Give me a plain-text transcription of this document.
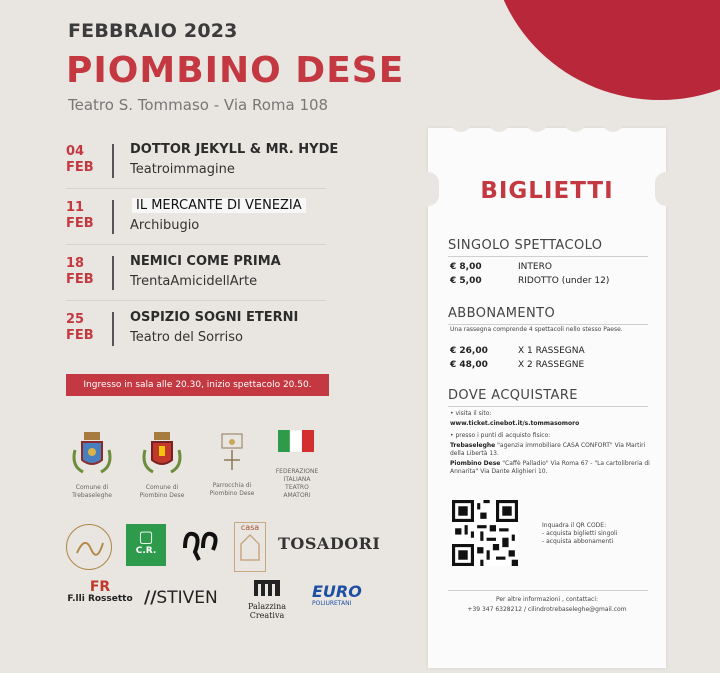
FEBBRAIO 2023
PIOMBINO DESE
Teatro S. Tommaso - Via Roma 108
04
FEB
DOTTOR JEKYLL & MR. HYDE
Teatroimmagine
11
FEB
IL MERCANTE DI VENEZIA
Archibugio
18
FEB
NEMICI COME PRIMA
TrentaAmicidellArte
25
FEB
OSPIZIO SOGNI ETERNI
Teatro del Sorriso
Ingresso in sala alle 20.30, inizio spettacolo 20.50.
Comune di Trebaseleghe
Comune di Piombino Dese
Parrocchia di Piombino Dese
FEDERAZIONE ITALIANA TEATRO AMATORI
▢
C.R.
casa
TOSADORI
FR
F.lli Rossetto //STIVEN	Palazzina Creativa
EURO
POLIURETANI
BIGLIETTI
SINGOLO SPETTACOLO
€ 8,00	INTERO
€ 5,00	RIDOTTO (under 12)
ABBONAMENTO
Una rassegna comprende 4 spettacoli nello stesso Paese.
€ 26,00	X 1 RASSEGNA
€ 48,00	X 2 RASSEGNE
DOVE ACQUISTARE
• visita il sito:
www.ticket.cinebot.it/s.tommasomoro
• presso i punti di acquisto fisico:
Trebaseleghe "agenzia immobiliare CASA CONFORT" Via Martiri della Libertà 13.
Piombino Dese "Caffè Palladio" Via Roma 67 - "La cartolibreria di Annarita" Via Dante Alighieri 10.
Inquadra il QR CODE:
- acquista biglietti singoli
- acquista abbonamenti
Per altre informazioni , contattaci:
+39 347 6328212 / cilindrotrebaseleghe@gmail.com
